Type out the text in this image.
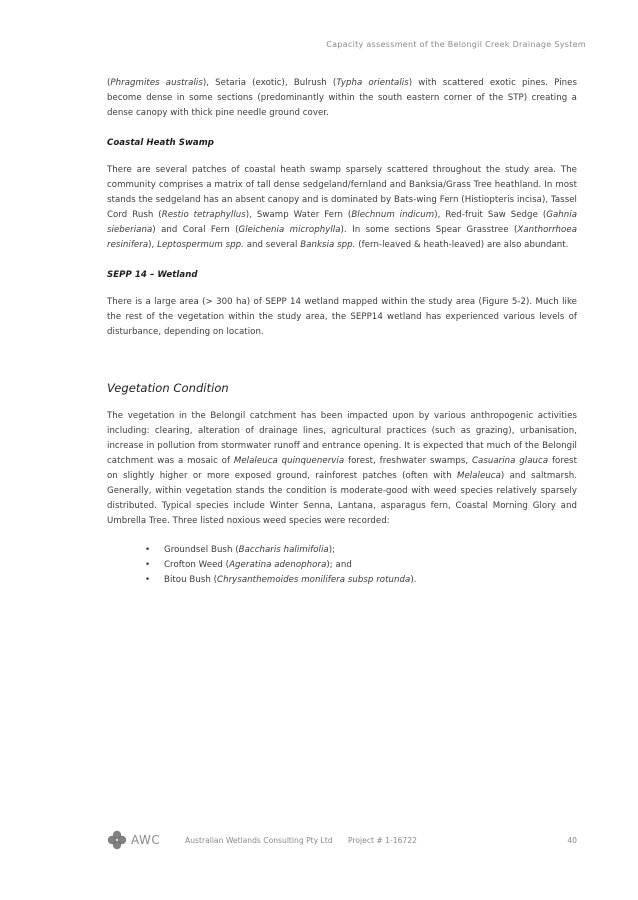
Capacity assessment of the Belongil Creek Drainage System

(Phragmites australis), Setaria (exotic), Bulrush (Typha orientalis) with scattered exotic pines. Pines become dense in some sections (predominantly within the south eastern corner of the STP) creating a dense canopy with thick pine needle ground cover.

Coastal Heath Swamp

There are several patches of coastal heath swamp sparsely scattered throughout the study area. The community comprises a matrix of tall dense sedgeland/fernland and Banksia/Grass Tree heathland. In most stands the sedgeland has an absent canopy and is dominated by Bats-wing Fern (Histiopteris incisa), Tassel Cord Rush (Restio tetraphyllus), Swamp Water Fern (Blechnum indicum), Red-fruit Saw Sedge (Gahnia sieberiana) and Coral Fern (Gleichenia microphylla). In some sections Spear Grasstree (Xanthorrhoea resinifera), Leptospermum spp. and several Banksia spp. (fern-leaved & heath-leaved) are also abundant.

SEPP 14 – Wetland

There is a large area (> 300 ha) of SEPP 14 wetland mapped within the study area (Figure 5-2). Much like the rest of the vegetation within the study area, the SEPP14 wetland has experienced various levels of disturbance, depending on location.

Vegetation Condition

The vegetation in the Belongil catchment has been impacted upon by various anthropogenic activities including: clearing, alteration of drainage lines, agricultural practices (such as grazing), urbanisation, increase in pollution from stormwater runoff and entrance opening. It is expected that much of the Belongil catchment was a mosaic of Melaleuca quinquenervia forest, freshwater swamps, Casuarina glauca forest on slightly higher or more exposed ground, rainforest patches (often with Melaleuca) and saltmarsh. Generally, within vegetation stands the condition is moderate-good with weed species relatively sparsely distributed. Typical species include Winter Senna, Lantana, asparagus fern, Coastal Morning Glory and Umbrella Tree. Three listed noxious weed species were recorded:

• Groundsel Bush (Baccharis halimifolia);
• Crofton Weed (Ageratina adenophora); and
• Bitou Bush (Chrysanthemoides monilifera subsp rotunda).
AWC	Australian Wetlands Consulting Pty Ltd Project # 1-16722	40
